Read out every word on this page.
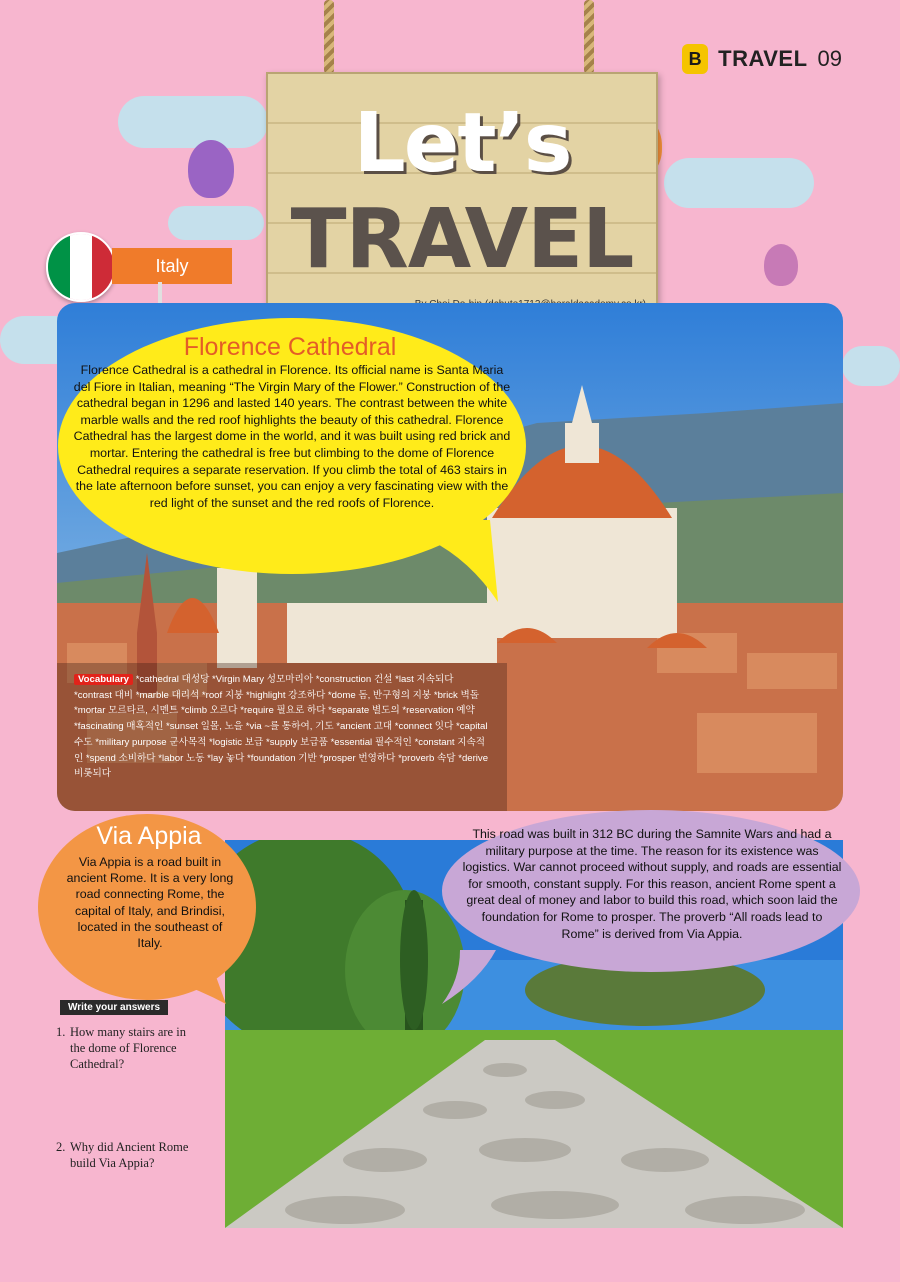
B TRAVEL 09
Let’s
TRAVEL
Italy
Florence Cathedral
Florence Cathedral is a cathedral in Florence. Its official name is Santa Maria del Fiore in Italian, meaning “The Virgin Mary of the Flower.” Construction of the cathedral began in 1296 and lasted 140 years. The contrast between the white marble walls and the red roof highlights the beauty of this cathedral. Florence Cathedral has the largest dome in the world, and it was built using red brick and mortar. Entering the cathedral is free but climbing to the dome of Florence Cathedral requires a separate reservation. If you climb the total of 463 stairs in the late afternoon before sunset, you can enjoy a very fascinating view with the red light of the sunset and the red roofs of Florence.
Vocabulary *cathedral 대성당 *Virgin Mary 성모마리아 *construction 건설 *last 지속되다 *contrast 대비 *marble 대리석 *roof 지붕 *highlight 강조하다 *dome 돔, 반구형의 지붕 *brick 벽돌 *mortar 모르타르, 시멘트 *climb 오르다 *require 필요로 하다 *separate 별도의 *reservation 예약 *fascinating 매혹적인 *sunset 일몰, 노을 *via ~를 통하여, 기도 *ancient 고대 *connect 잇다 *capital 수도 *military purpose 군사목적 *logistic 보급 *supply 보급품 *essential 필수적인 *constant 지속적인 *spend 소비하다 *labor 노동 *lay 놓다 *foundation 기반 *prosper 번영하다 *proverb 속담 *derive 비롯되다
Via Appia
Via Appia is a road built in ancient Rome. It is a very long road connecting Rome, the capital of Italy, and Brindisi, located in the southeast of Italy.
This road was built in 312 BC during the Samnite Wars and had a military purpose at the time. The reason for its existence was logistics. War cannot proceed without supply, and roads are essential for smooth, constant supply. For this reason, ancient Rome spent a great deal of money and labor to build this road, which soon laid the foundation for Rome to prosper. The proverb “All roads lead to Rome” is derived from Via Appia.
Write your answers
1. How many stairs are in the dome of Florence Cathedral?
2. Why did Ancient Rome build Via Appia?
